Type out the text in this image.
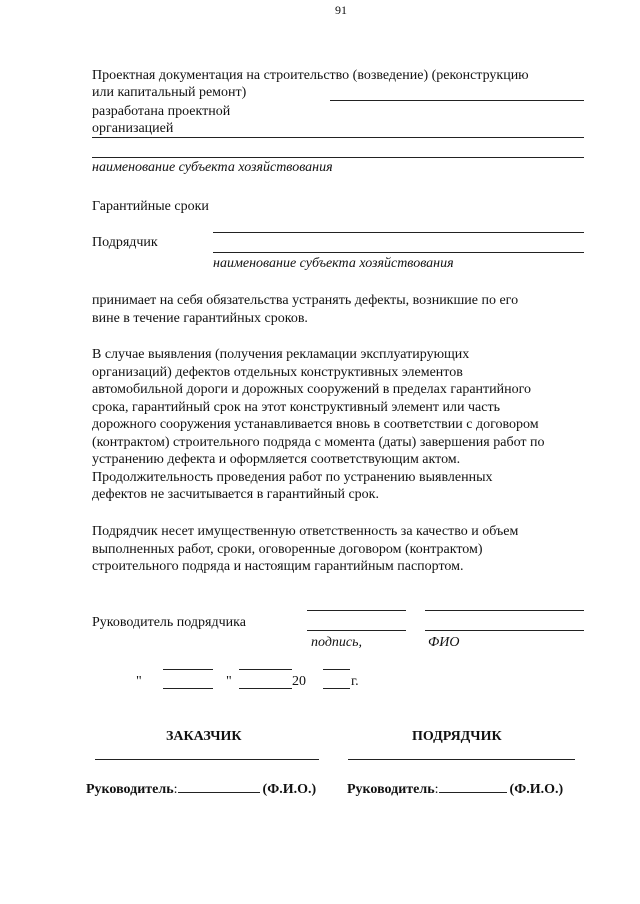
91
Проектная документация на строительство (возведение) (реконструкцию
или капитальный ремонт)
разработана проектной
организацией
наименование субъекта хозяйствования
Гарантийные сроки
Подрядчик
наименование субъекта хозяйствования
принимает на себя обязательства устранять дефекты, возникшие по его
вине в течение гарантийных сроков.
В случае выявления (получения рекламации эксплуатирующих
организаций) дефектов отдельных конструктивных элементов
автомобильной дороги и дорожных сооружений в пределах гарантийного
срока, гарантийный срок на этот конструктивный элемент или часть
дорожного сооружения устанавливается вновь в соответствии с договором
(контрактом) строительного подряда с момента (даты) завершения работ по
устранению дефекта и оформляется соответствующим актом.
Продолжительность проведения работ по устранению выявленных
дефектов не засчитывается в гарантийный срок.
Подрядчик несет имущественную ответственность за качество и объем
выполненных работ, сроки, оговоренные договором (контрактом)
строительного подряда и настоящим гарантийным паспортом.
Руководитель подрядчика
подпись,	ФИО
"	"	20	г.
ЗАКАЗЧИК	ПОДРЯДЧИК
Руководитель:	(Ф.И.О.) Руководитель:	(Ф.И.О.)
